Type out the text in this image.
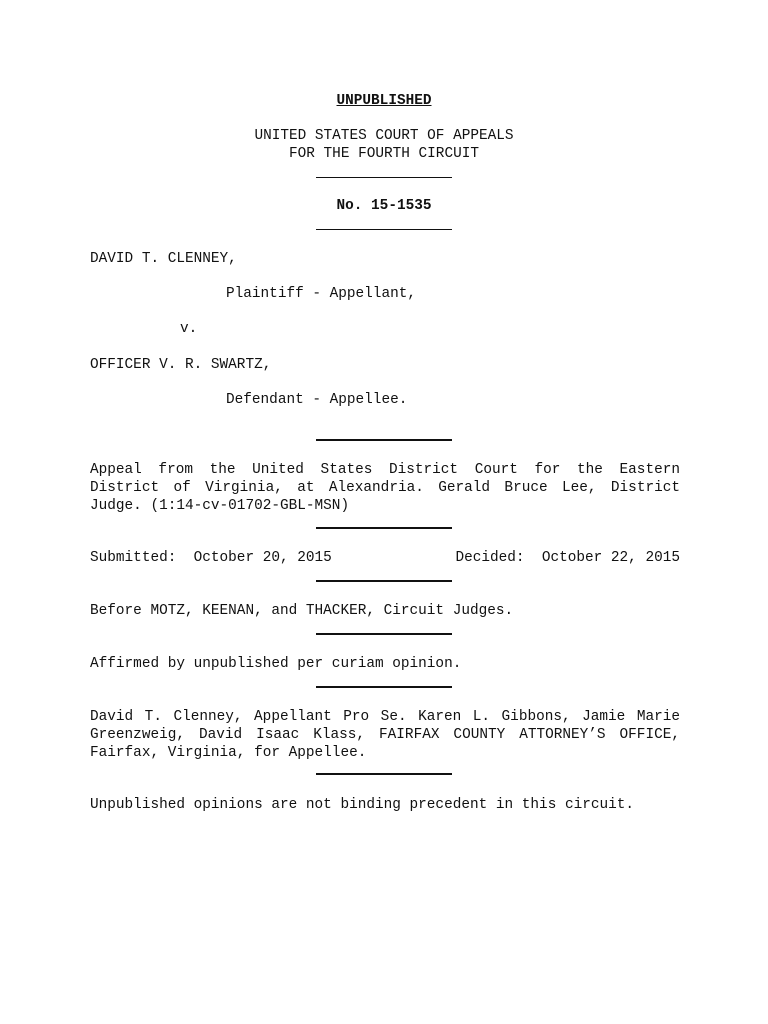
UNPUBLISHED
UNITED STATES COURT OF APPEALS
FOR THE FOURTH CIRCUIT
No. 15-1535
DAVID T. CLENNEY,
Plaintiff - Appellant,
v.
OFFICER V. R. SWARTZ,
Defendant - Appellee.
Appeal from the United States District Court for the Eastern District of Virginia, at Alexandria. Gerald Bruce Lee, District Judge. (1:14-cv-01702-GBL-MSN)
Submitted:  October 20, 2015	Decided:  October 22, 2015
Before MOTZ, KEENAN, and THACKER, Circuit Judges.
Affirmed by unpublished per curiam opinion.
David T. Clenney, Appellant Pro Se. Karen L. Gibbons, Jamie Marie Greenzweig, David Isaac Klass, FAIRFAX COUNTY ATTORNEY’S OFFICE, Fairfax, Virginia, for Appellee.
Unpublished opinions are not binding precedent in this circuit.
